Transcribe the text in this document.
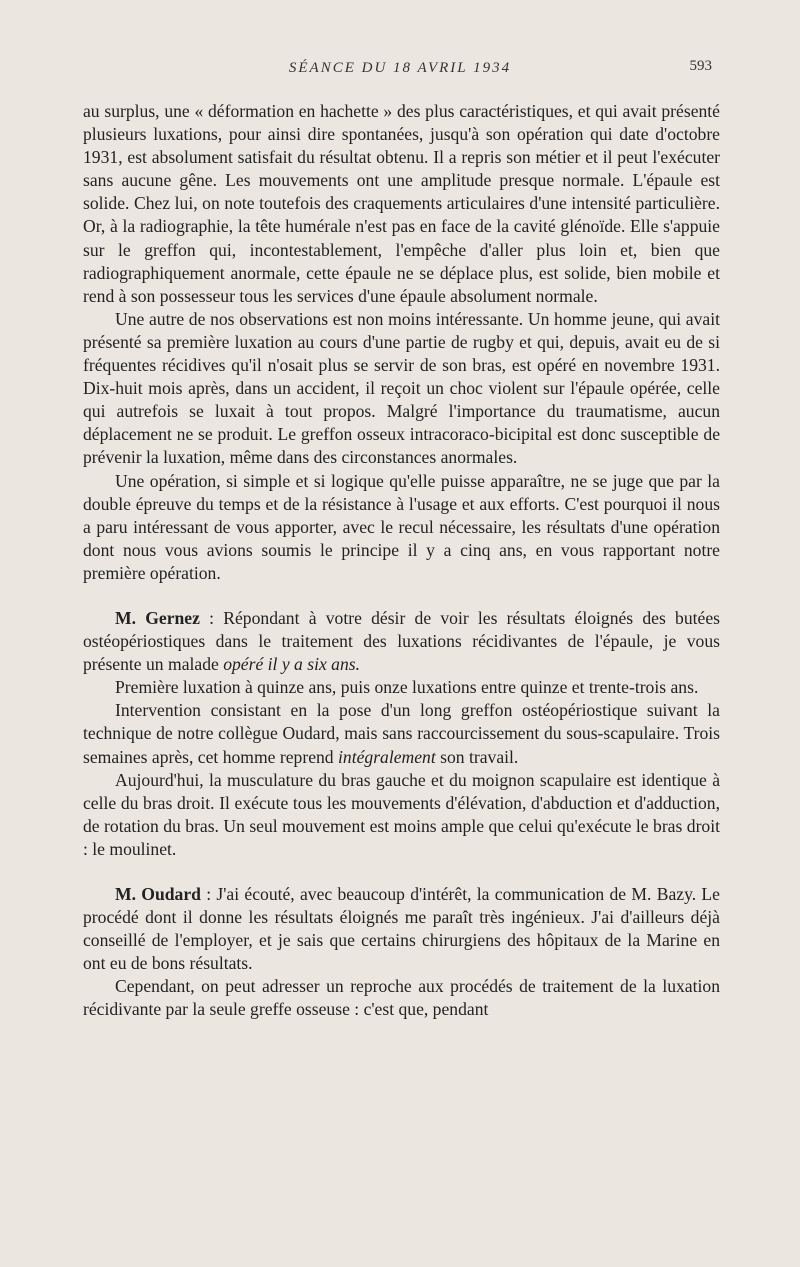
SÉANCE DU 18 AVRIL 1934	593

au surplus, une « déformation en hachette » des plus caractéristiques, et qui avait présenté plusieurs luxations, pour ainsi dire spontanées, jusqu'à son opération qui date d'octobre 1931, est absolument satisfait du résultat obtenu. Il a repris son métier et il peut l'exécuter sans aucune gêne. Les mouvements ont une amplitude presque normale. L'épaule est solide. Chez lui, on note toutefois des craquements articulaires d'une intensité particulière. Or, à la radiographie, la tête humérale n'est pas en face de la cavité glénoïde. Elle s'appuie sur le greffon qui, incontestablement, l'empêche d'aller plus loin et, bien que radiographiquement anormale, cette épaule ne se déplace plus, est solide, bien mobile et rend à son possesseur tous les services d'une épaule absolument normale.

Une autre de nos observations est non moins intéressante. Un homme jeune, qui avait présenté sa première luxation au cours d'une partie de rugby et qui, depuis, avait eu de si fréquentes récidives qu'il n'osait plus se servir de son bras, est opéré en novembre 1931. Dix-huit mois après, dans un accident, il reçoit un choc violent sur l'épaule opérée, celle qui autrefois se luxait à tout propos. Malgré l'importance du traumatisme, aucun déplacement ne se produit. Le greffon osseux intracoraco-bicipital est donc susceptible de prévenir la luxation, même dans des circonstances anormales.

Une opération, si simple et si logique qu'elle puisse apparaître, ne se juge que par la double épreuve du temps et de la résistance à l'usage et aux efforts. C'est pourquoi il nous a paru intéressant de vous apporter, avec le recul nécessaire, les résultats d'une opération dont nous vous avions soumis le principe il y a cinq ans, en vous rapportant notre première opération.

M. Gernez : Répondant à votre désir de voir les résultats éloignés des butées ostéopériostiques dans le traitement des luxations récidivantes de l'épaule, je vous présente un malade opéré il y a six ans.

Première luxation à quinze ans, puis onze luxations entre quinze et trente-trois ans.

Intervention consistant en la pose d'un long greffon ostéopériostique suivant la technique de notre collègue Oudard, mais sans raccourcissement du sous-scapulaire. Trois semaines après, cet homme reprend intégralement son travail.

Aujourd'hui, la musculature du bras gauche et du moignon scapulaire est identique à celle du bras droit. Il exécute tous les mouvements d'élévation, d'abduction et d'adduction, de rotation du bras. Un seul mouvement est moins ample que celui qu'exécute le bras droit : le moulinet.

M. Oudard : J'ai écouté, avec beaucoup d'intérêt, la communication de M. Bazy. Le procédé dont il donne les résultats éloignés me paraît très ingénieux. J'ai d'ailleurs déjà conseillé de l'employer, et je sais que certains chirurgiens des hôpitaux de la Marine en ont eu de bons résultats.

Cependant, on peut adresser un reproche aux procédés de traitement de la luxation récidivante par la seule greffe osseuse : c'est que, pendant
